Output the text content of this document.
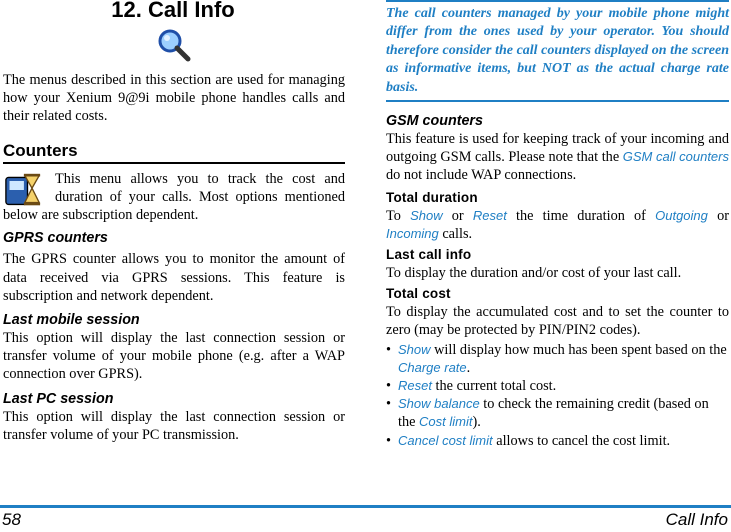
12. Call Info

The menus described in this section are used for managing how your Xenium 9@9i mobile phone handles calls and their related costs.

Counters

This menu allows you to track the cost and duration of your calls. Most options mentioned below are subscription dependent.

GPRS counters

The GPRS counter allows you to monitor the amount of data received via GPRS sessions. This feature is subscription and network dependent.

Last mobile session

This option will display the last connection session or transfer volume of your mobile phone (e.g. after a WAP connection over GPRS).

Last PC session

This option will display the last connection session or transfer volume of your PC transmission.

The call counters managed by your mobile phone might differ from the ones used by your operator. You should therefore consider the call counters displayed on the screen as informative items, but NOT as the actual charge rate basis.

GSM counters

This feature is used for keeping track of your incoming and outgoing GSM calls. Please note that the GSM call counters do not include WAP connections.

Total duration

To Show or Reset the time duration of Outgoing or Incoming calls.

Last call info

To display the duration and/or cost of your last call.

Total cost

To display the accumulated cost and to set the counter to zero (may be protected by PIN/PIN2 codes).

• Show will display how much has been spent based on the Charge rate.

• Reset the current total cost.

• Show balance to check the remaining credit (based on the Cost limit).

• Cancel cost limit allows to cancel the cost limit.

58	Call Info
